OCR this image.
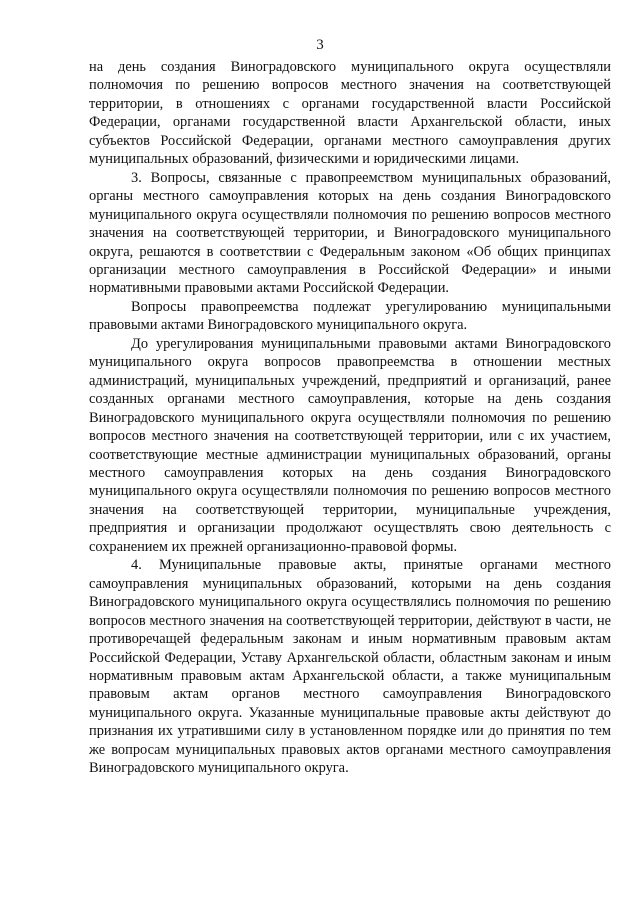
3

на день создания Виноградовского муниципального округа осуществляли полномочия по решению вопросов местного значения на соответствующей территории, в отношениях с органами государственной власти Российской Федерации, органами государственной власти Архангельской области, иных субъектов Российской Федерации, органами местного самоуправления других муниципальных образований, физическими и юридическими лицами.

3. Вопросы, связанные с правопреемством муниципальных образований, органы местного самоуправления которых на день создания Виноградовского муниципального округа осуществляли полномочия по решению вопросов местного значения на соответствующей территории, и Виноградовского муниципального округа, решаются в соответствии с Федеральным законом «Об общих принципах организации местного самоуправления в Российской Федерации» и иными нормативными правовыми актами Российской Федерации.

Вопросы правопреемства подлежат урегулированию муниципальными правовыми актами Виноградовского муниципального округа.

До урегулирования муниципальными правовыми актами Виноградовского муниципального округа вопросов правопреемства в отношении местных администраций, муниципальных учреждений, предприятий и организаций, ранее созданных органами местного самоуправления, которые на день создания Виноградовского муниципального округа осуществляли полномочия по решению вопросов местного значения на соответствующей территории, или с их участием, соответствующие местные администрации муниципальных образований, органы местного самоуправления которых на день создания Виноградовского муниципального округа осуществляли полномочия по решению вопросов местного значения на соответствующей территории, муниципальные учреждения, предприятия и организации продолжают осуществлять свою деятельность с сохранением их прежней организационно-правовой формы.

4. Муниципальные правовые акты, принятые органами местного самоуправления муниципальных образований, которыми на день создания Виноградовского муниципального округа осуществлялись полномочия по решению вопросов местного значения на соответствующей территории, действуют в части, не противоречащей федеральным законам и иным нормативным правовым актам Российской Федерации, Уставу Архангельской области, областным законам и иным нормативным правовым актам Архангельской области, а также муниципальным правовым актам органов местного самоуправления Виноградовского муниципального округа. Указанные муниципальные правовые акты действуют до признания их утратившими силу в установленном порядке или до принятия по тем же вопросам муниципальных правовых актов органами местного самоуправления Виноградовского муниципального округа.
